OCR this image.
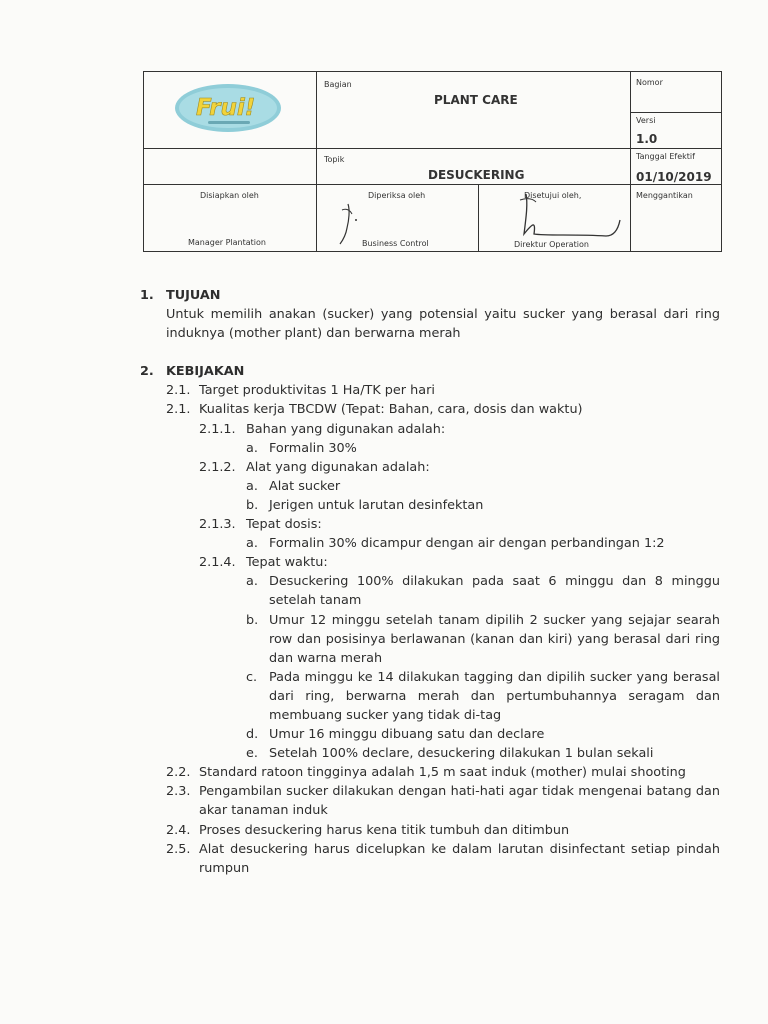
Frui!
Bagian
PLANT CARE
Nomor
Versi
1.0
Topik
DESUCKERING
Tanggal Efektif
01/10/2019
Disiapkan oleh
Manager Plantation
Diperiksa oleh
Business Control
Disetujui oleh,
Direktur Operation
Menggantikan
1. TUJUAN
Untuk memilih anakan (sucker) yang potensial yaitu sucker yang berasal dari ring induknya (mother plant) dan berwarna merah
2. KEBIJAKAN
2.1. Target produktivitas 1 Ha/TK per hari
2.1. Kualitas kerja TBCDW (Tepat: Bahan, cara, dosis dan waktu)
2.1.1. Bahan yang digunakan adalah:
a. Formalin 30%
2.1.2. Alat yang digunakan adalah:
a. Alat sucker
b. Jerigen untuk larutan desinfektan
2.1.3. Tepat dosis:
a. Formalin 30% dicampur dengan air dengan perbandingan 1:2
2.1.4. Tepat waktu:
a. Desuckering 100% dilakukan pada saat 6 minggu dan 8 minggu setelah tanam
b. Umur 12 minggu setelah tanam dipilih 2 sucker yang sejajar searah row dan posisinya berlawanan (kanan dan kiri) yang berasal dari ring dan warna merah
c. Pada minggu ke 14 dilakukan tagging dan dipilih sucker yang berasal dari ring, berwarna merah dan pertumbuhannya seragam dan membuang sucker yang tidak di-tag
d. Umur 16 minggu dibuang satu dan declare
e. Setelah 100% declare, desuckering dilakukan 1 bulan sekali
2.2. Standard ratoon tingginya adalah 1,5 m saat induk (mother) mulai shooting
2.3. Pengambilan sucker dilakukan dengan hati-hati agar tidak mengenai batang dan akar tanaman induk
2.4. Proses desuckering harus kena titik tumbuh dan ditimbun
2.5. Alat desuckering harus dicelupkan ke dalam larutan disinfectant setiap pindah rumpun
